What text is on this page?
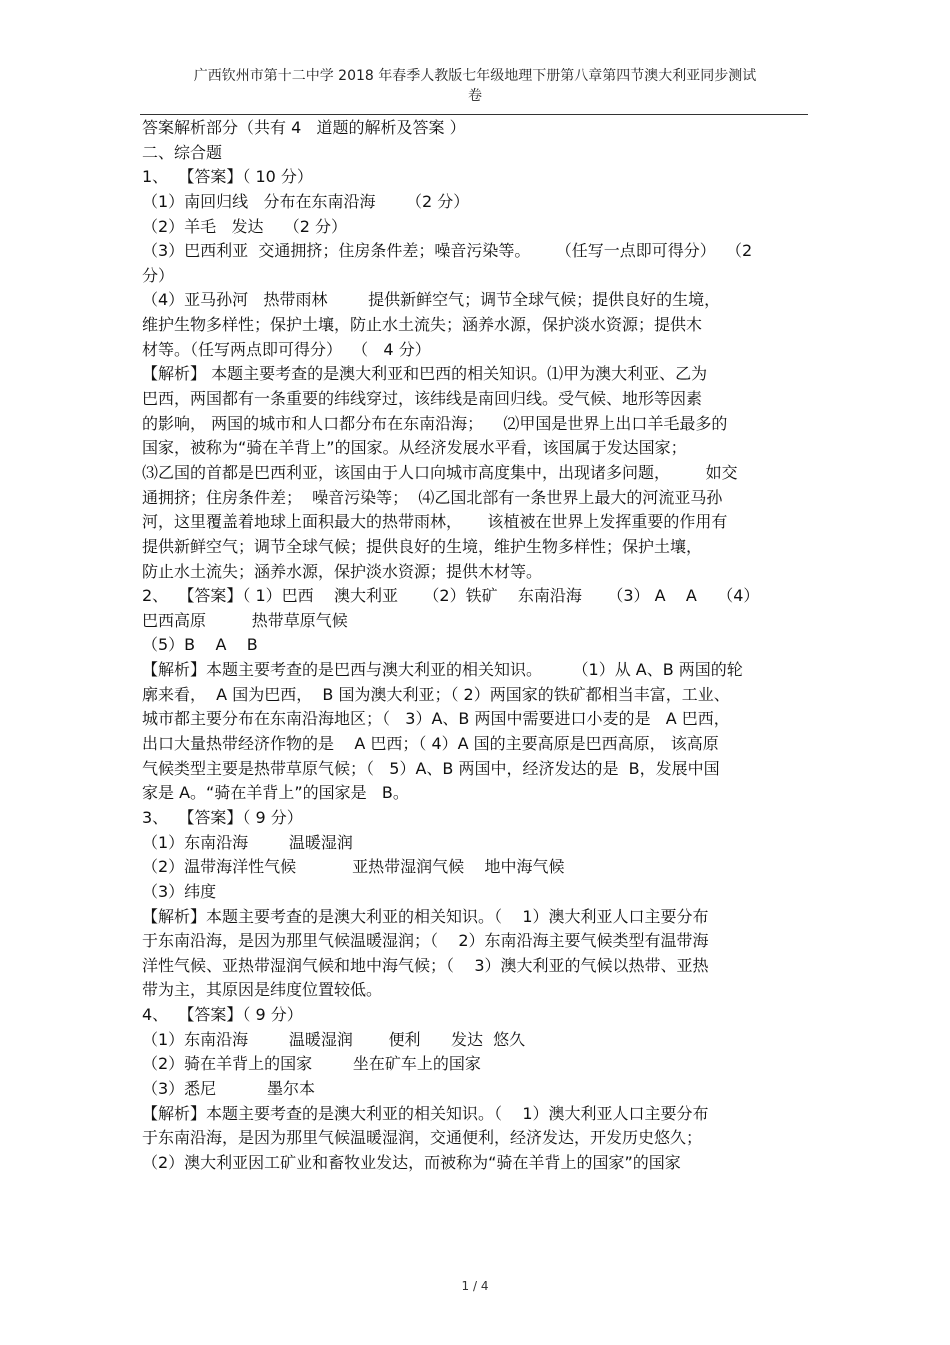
广西钦州市第十二中学 2018 年春季人教版七年级地理下册第八章第四节澳大利亚同步测试
卷
答案解析部分（共有 4   道题的解析及答案 ）
二、综合题
1、  【答案】（ 10 分）
（1）南回归线   分布在东南沿海      （2 分）
（2）羊毛   发达    （2 分）
（3）巴西利亚  交通拥挤；住房条件差；噪音污染等。     （任写一点即可得分）  （2
分）
（4）亚马孙河   热带雨林        提供新鲜空气；调节全球气候；提供良好的生境，
维护生物多样性；保护土壤，防止水土流失；涵养水源，保护淡水资源；提供木
材等。（任写两点即可得分）  （   4 分）
【解析】 本题主要考查的是澳大利亚和巴西的相关知识。⑴甲为澳大利亚、乙为
巴西，两国都有一条重要的纬线穿过，该纬线是南回归线。受气候、地形等因素
的影响， 两国的城市和人口都分布在东南沿海；    ⑵甲国是世界上出口羊毛最多的
国家，被称为“骑在羊背上”的国家。从经济发展水平看，该国属于发达国家；
⑶乙国的首都是巴西利亚，该国由于人口向城市高度集中，出现诸多问题，       如交
通拥挤；住房条件差；  噪音污染等；  ⑷乙国北部有一条世界上最大的河流亚马孙
河，这里覆盖着地球上面积最大的热带雨林，     该植被在世界上发挥重要的作用有
提供新鲜空气；调节全球气候；提供良好的生境，维护生物多样性；保护土壤，
防止水土流失；涵养水源，保护淡水资源；提供木材等。
2、  【答案】（ 1）巴西    澳大利亚     （2）铁矿    东南沿海     （3） A    A    （4）
巴西高原         热带草原气候
（5）B    A    B
【解析】本题主要考查的是巴西与澳大利亚的相关知识。      （1）从 A、B 两国的轮
廓来看，  A 国为巴西，  B 国为澳大利亚；（ 2）两国家的铁矿都相当丰富，工业、
城市都主要分布在东南沿海地区；（   3）A、B 两国中需要进口小麦的是   A 巴西，
出口大量热带经济作物的是    A 巴西；（ 4）A 国的主要高原是巴西高原， 该高原
气候类型主要是热带草原气候；（   5）A、B 两国中，经济发达的是  B，发展中国
家是 A。“骑在羊背上”的国家是   B。
3、  【答案】（ 9 分）
（1）东南沿海        温暖湿润
（2）温带海洋性气候           亚热带湿润气候    地中海气候
（3）纬度
【解析】本题主要考查的是澳大利亚的相关知识。（    1）澳大利亚人口主要分布
于东南沿海，是因为那里气候温暖湿润；（    2）东南沿海主要气候类型有温带海
洋性气候、亚热带湿润气候和地中海气候；（    3）澳大利亚的气候以热带、亚热
带为主，其原因是纬度位置较低。
4、  【答案】（ 9 分）
（1）东南沿海        温暖湿润       便利      发达  悠久
（2）骑在羊背上的国家        坐在矿车上的国家
（3）悉尼          墨尔本
【解析】本题主要考查的是澳大利亚的相关知识。（    1）澳大利亚人口主要分布
于东南沿海，是因为那里气候温暖湿润，交通便利，经济发达，开发历史悠久；
（2）澳大利亚因工矿业和畜牧业发达，而被称为“骑在羊背上的国家”的国家
1 / 4
